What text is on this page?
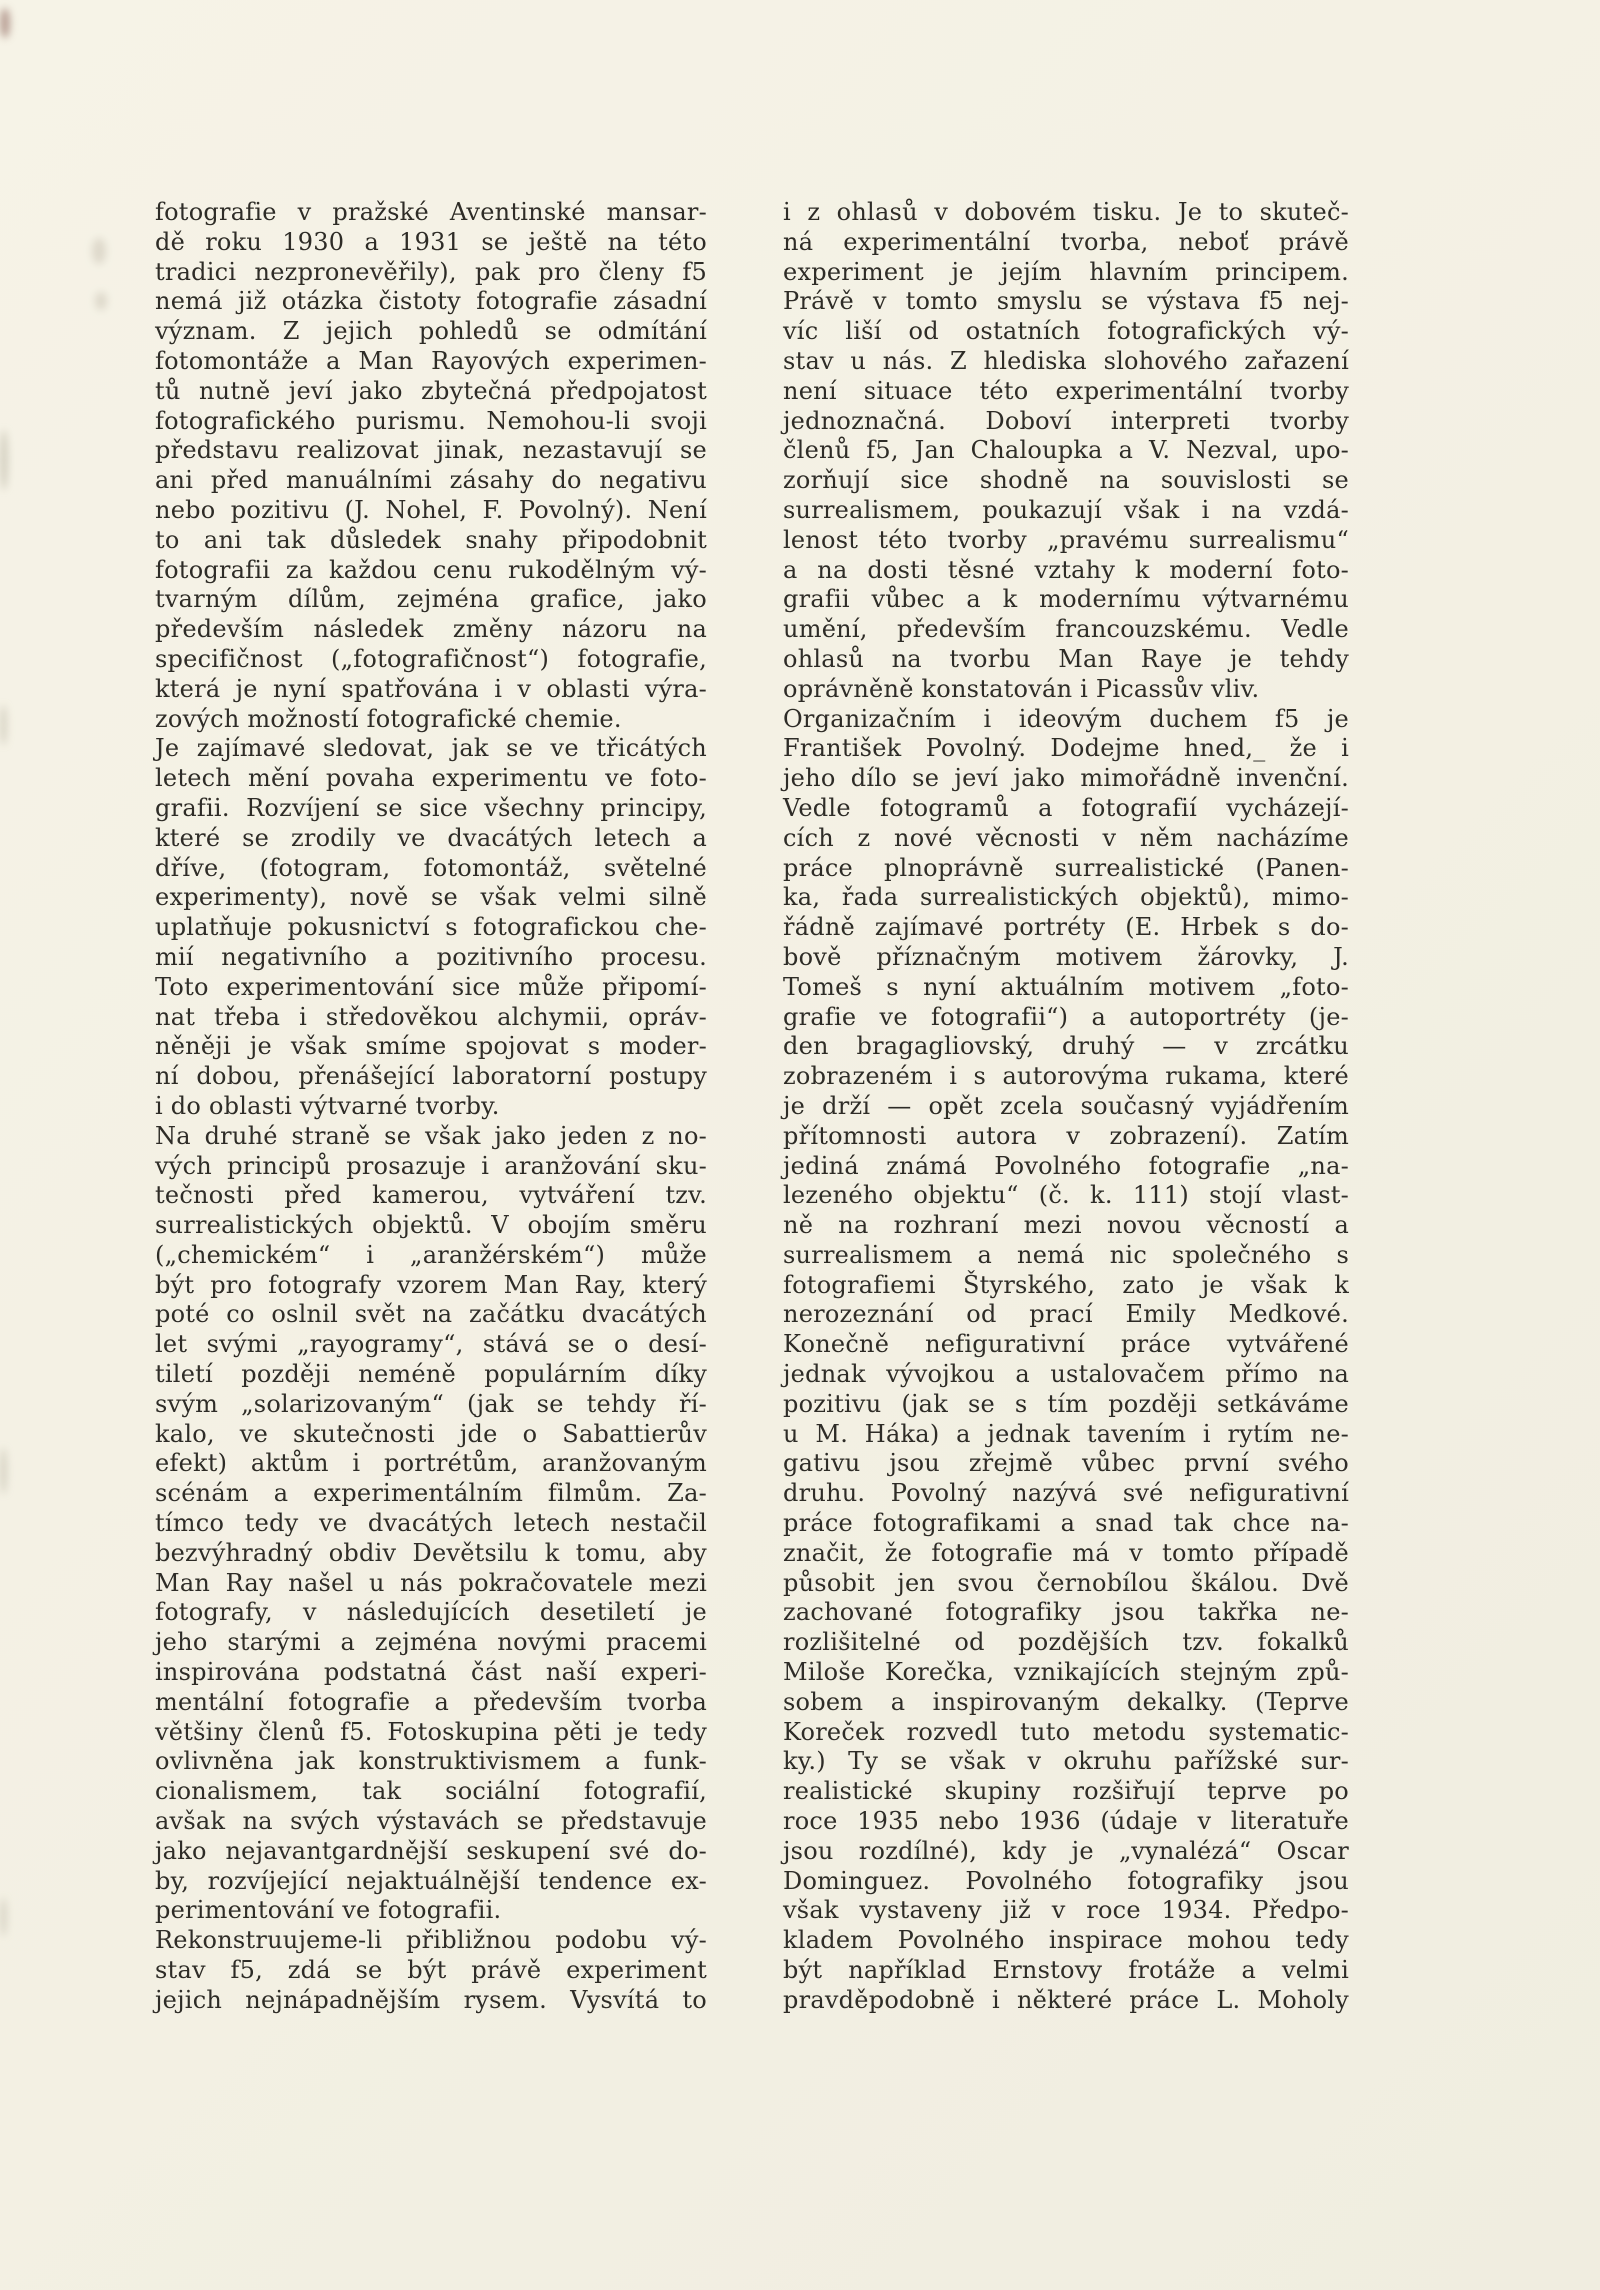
fotografie v pražské Aventinské mansar-

dě roku 1930 a 1931 se ještě na této

tradici nezpronevěřily), pak pro členy f5

nemá již otázka čistoty fotografie zásadní

význam. Z jejich pohledů se odmítání

fotomontáže a Man Rayových experimen-

tů nutně jeví jako zbytečná předpojatost

fotografického purismu. Nemohou-li svoji

představu realizovat jinak, nezastavují se

ani před manuálními zásahy do negativu

nebo pozitivu (J. Nohel, F. Povolný). Není

to ani tak důsledek snahy připodobnit

fotografii za každou cenu rukodělným vý-

tvarným dílům, zejména grafice, jako

především následek změny názoru na

specifičnost („fotografičnost“) fotografie,

která je nyní spatřována i v oblasti výra-

zových možností fotografické chemie.

Je zajímavé sledovat, jak se ve třicátých

letech mění povaha experimentu ve foto-

grafii. Rozvíjení se sice všechny principy,

které se zrodily ve dvacátých letech a

dříve, (fotogram, fotomontáž, světelné

experimenty), nově se však velmi silně

uplatňuje pokusnictví s fotografickou che-

mií negativního a pozitivního procesu.

Toto experimentování sice může připomí-

nat třeba i středověkou alchymii, opráv-

něněji je však smíme spojovat s moder-

ní dobou, přenášející laboratorní postupy

i do oblasti výtvarné tvorby.

Na druhé straně se však jako jeden z no-

vých principů prosazuje i aranžování sku-

tečnosti před kamerou, vytváření tzv.

surrealistických objektů. V obojím směru

(„chemickém“ i „aranžérském“) může

být pro fotografy vzorem Man Ray, který

poté co oslnil svět na začátku dvacátých

let svými „rayogramy“, stává se o desí-

tiletí později neméně populárním díky

svým „solarizovaným“ (jak se tehdy ří-

kalo, ve skutečnosti jde o Sabattierův

efekt) aktům i portrétům, aranžovaným

scénám a experimentálním filmům. Za-

tímco tedy ve dvacátých letech nestačil

bezvýhradný obdiv Devětsilu k tomu, aby

Man Ray našel u nás pokračovatele mezi

fotografy, v následujících desetiletí je

jeho starými a zejména novými pracemi

inspirována podstatná část naší experi-

mentální fotografie a především tvorba

většiny členů f5. Fotoskupina pěti je tedy

ovlivněna jak konstruktivismem a funk-

cionalismem, tak sociální fotografií,

avšak na svých výstavách se představuje

jako nejavantgardnější seskupení své do-

by, rozvíjející nejaktuálnější tendence ex-

perimentování ve fotografii.

Rekonstruujeme-li přibližnou podobu vý-

stav f5, zdá se být právě experiment

jejich nejnápadnějším rysem. Vysvítá to

i z ohlasů v dobovém tisku. Je to skuteč-

ná experimentální tvorba, neboť právě

experiment je jejím hlavním principem.

Právě v tomto smyslu se výstava f5 nej-

víc liší od ostatních fotografických vý-

stav u nás. Z hlediska slohového zařazení

není situace této experimentální tvorby

jednoznačná. Doboví interpreti tvorby

členů f5, Jan Chaloupka a V. Nezval, upo-

zorňují sice shodně na souvislosti se

surrealismem, poukazují však i na vzdá-

lenost této tvorby „pravému surrealismu“

a na dosti těsné vztahy k moderní foto-

grafii vůbec a k modernímu výtvarnému

umění, především francouzskému. Vedle

ohlasů na tvorbu Man Raye je tehdy

oprávněně konstatován i Picassův vliv.

Organizačním i ideovým duchem f5 je

František Povolný. Dodejme hned,_ že i

jeho dílo se jeví jako mimořádně invenční.

Vedle fotogramů a fotografií vycházejí-

cích z nové věcnosti v něm nacházíme

práce plnoprávně surrealistické (Panen-

ka, řada surrealistických objektů), mimo-

řádně zajímavé portréty (E. Hrbek s do-

bově příznačným motivem žárovky, J.

Tomeš s nyní aktuálním motivem „foto-

grafie ve fotografii“) a autoportréty (je-

den bragagliovský, druhý — v zrcátku

zobrazeném i s autorovýma rukama, které

je drží — opět zcela současný vyjádřením

přítomnosti autora v zobrazení). Zatím

jediná známá Povolného fotografie „na-

lezeného objektu“ (č. k. 111) stojí vlast-

ně na rozhraní mezi novou věcností a

surrealismem a nemá nic společného s

fotografiemi Štyrského, zato je však k

nerozeznání od prací Emily Medkové.

Konečně nefigurativní práce vytvářené

jednak vývojkou a ustalovačem přímo na

pozitivu (jak se s tím později setkáváme

u M. Háka) a jednak tavením i rytím ne-

gativu jsou zřejmě vůbec první svého

druhu. Povolný nazývá své nefigurativní

práce fotografikami a snad tak chce na-

značit, že fotografie má v tomto případě

působit jen svou černobílou škálou. Dvě

zachované fotografiky jsou takřka ne-

rozlišitelné od pozdějších tzv. fokalků

Miloše Korečka, vznikajících stejným způ-

sobem a inspirovaným dekalky. (Teprve

Koreček rozvedl tuto metodu systematic-

ky.) Ty se však v okruhu pařížské sur-

realistické skupiny rozšiřují teprve po

roce 1935 nebo 1936 (údaje v literatuře

jsou rozdílné), kdy je „vynalézá“ Oscar

Dominguez. Povolného fotografiky jsou

však vystaveny již v roce 1934. Předpo-

kladem Povolného inspirace mohou tedy

být například Ernstovy frotáže a velmi

pravděpodobně i některé práce L. Moholy
